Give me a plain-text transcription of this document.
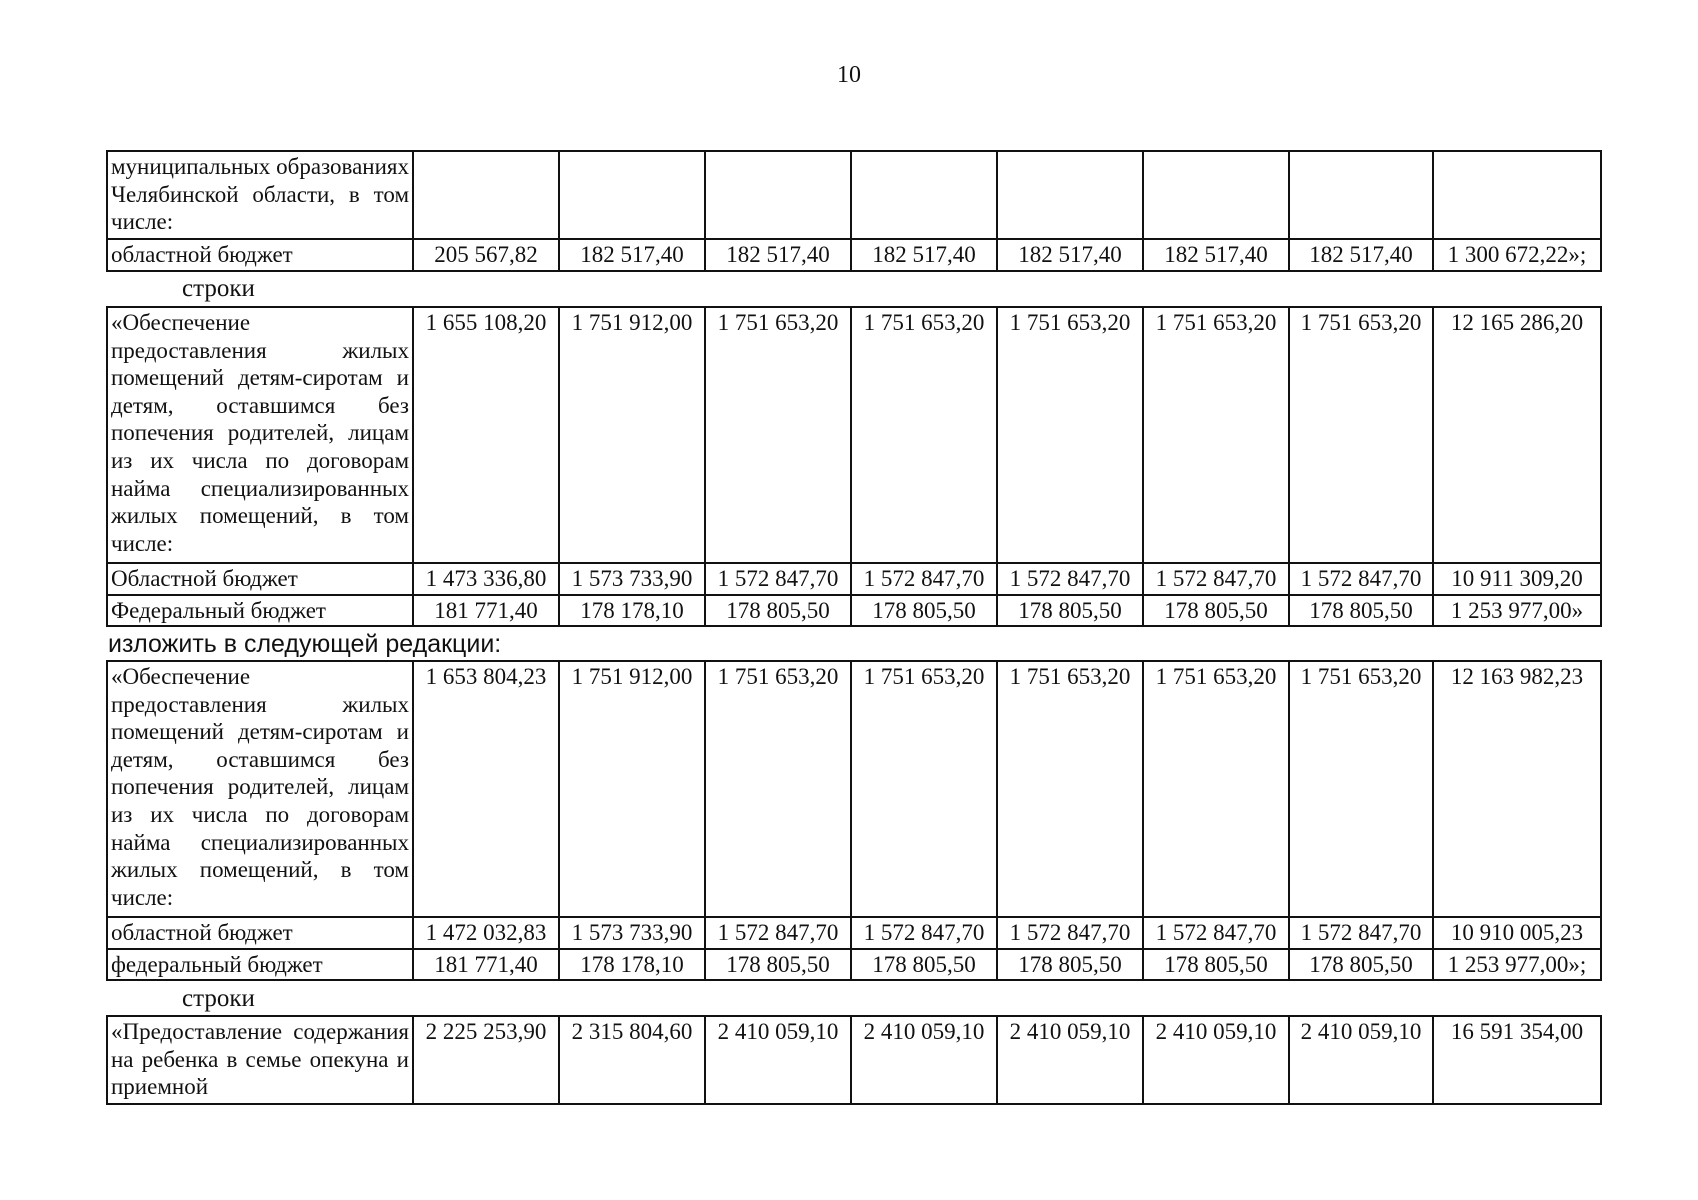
10
муниципальных образованиях Челябинской области, в том числе:								
областной бюджет	205 567,82	182 517,40	182 517,40	182 517,40	182 517,40	182 517,40	182 517,40	1 300 672,22»;
строки
«Обеспечение предоставления жилых помещений детям-сиротам и детям, оставшимся без попечения родителей, лицам из их числа по договорам найма специализированных жилых помещений, в том числе:	1 655 108,20	1 751 912,00	1 751 653,20	1 751 653,20	1 751 653,20	1 751 653,20	1 751 653,20	12 165 286,20
Областной бюджет	1 473 336,80	1 573 733,90	1 572 847,70	1 572 847,70	1 572 847,70	1 572 847,70	1 572 847,70	10 911 309,20
Федеральный бюджет	181 771,40	178 178,10	178 805,50	178 805,50	178 805,50	178 805,50	178 805,50	1 253 977,00»
изложить в следующей редакции:
«Обеспечение предоставления жилых помещений детям-сиротам и детям, оставшимся без попечения родителей, лицам из их числа по договорам найма специализированных жилых помещений, в том числе:	1 653 804,23	1 751 912,00	1 751 653,20	1 751 653,20	1 751 653,20	1 751 653,20	1 751 653,20	12 163 982,23
областной бюджет	1 472 032,83	1 573 733,90	1 572 847,70	1 572 847,70	1 572 847,70	1 572 847,70	1 572 847,70	10 910 005,23
федеральный бюджет	181 771,40	178 178,10	178 805,50	178 805,50	178 805,50	178 805,50	178 805,50	1 253 977,00»;
строки
«Предоставление содержания на ребенка в семье опекуна и приемной	2 225 253,90	2 315 804,60	2 410 059,10	2 410 059,10	2 410 059,10	2 410 059,10	2 410 059,10	16 591 354,00
